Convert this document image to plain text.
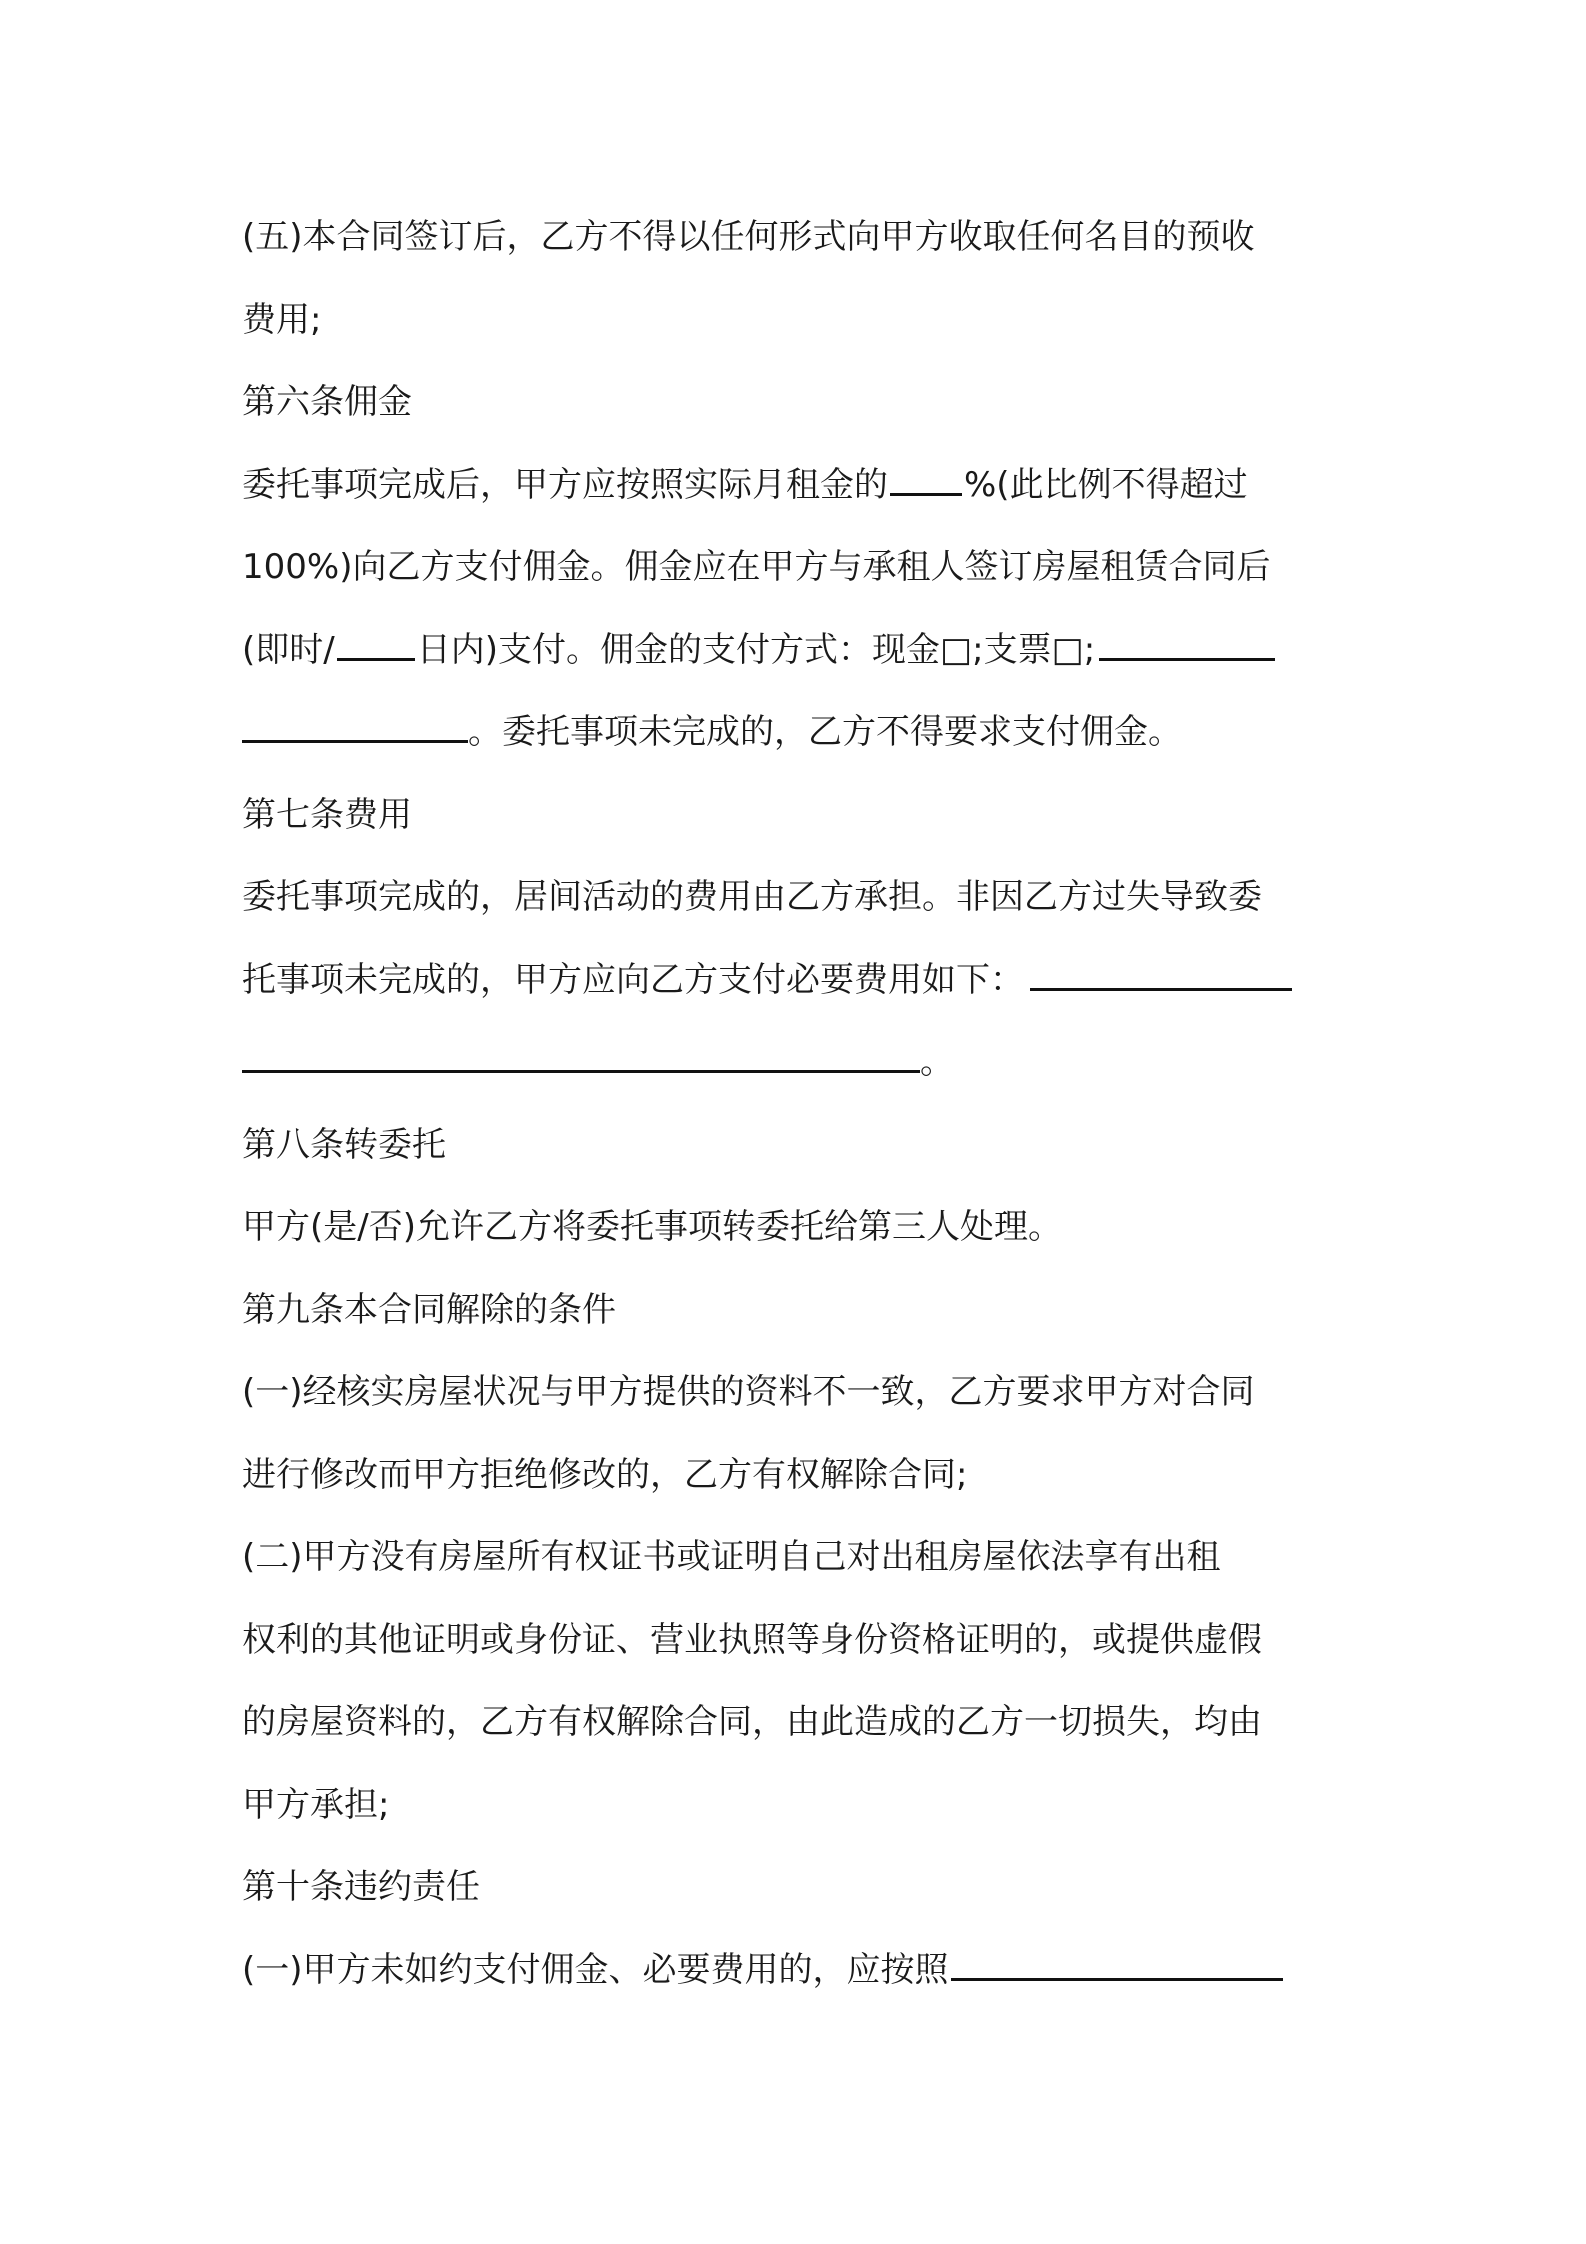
(五)本合同签订后，乙方不得以任何形式向甲方收取任何名目的预收
费用;
第六条佣金
委托事项完成后，甲方应按照实际月租金的 %(此比例不得超过
100%)向乙方支付佣金。佣金应在甲方与承租人签订房屋租赁合同后
(即时/ 日内)支付。佣金的支付方式：现金□;支票□;
。委托事项未完成的，乙方不得要求支付佣金。
第七条费用
委托事项完成的，居间活动的费用由乙方承担。非因乙方过失导致委
托事项未完成的，甲方应向乙方支付必要费用如下：
。
第八条转委托
甲方(是/否)允许乙方将委托事项转委托给第三人处理。
第九条本合同解除的条件
(一)经核实房屋状况与甲方提供的资料不一致，乙方要求甲方对合同
进行修改而甲方拒绝修改的，乙方有权解除合同;
(二)甲方没有房屋所有权证书或证明自己对出租房屋依法享有出租
权利的其他证明或身份证、营业执照等身份资格证明的，或提供虚假
的房屋资料的，乙方有权解除合同，由此造成的乙方一切损失，均由
甲方承担;
第十条违约责任
(一)甲方未如约支付佣金、必要费用的，应按照
